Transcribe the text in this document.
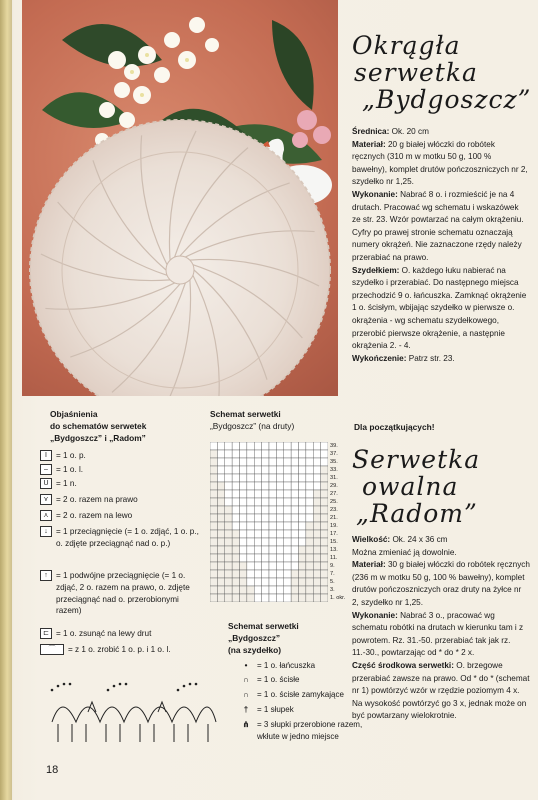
Okrągła
serwetka
„Bydgoszcz”

Średnica: Ok. 20 cm

Materiał: 20 g białej włóczki do robótek ręcznych (310 m w motku 50 g, 100 % bawełny), komplet drutów pończoszniczych nr 2, szydełko nr 1,25.

Wykonanie: Nabrać 8 o. i rozmieścić je na 4 drutach. Pracować wg schematu i wskazówek ze str. 23. Wzór powtarzać na całym okrążeniu. Cyfry po prawej stronie schematu oznaczają numery okrążeń. Nie zaznaczone rzędy należy przerabiać na prawo.

Szydełkiem: O. każdego łuku nabierać na szydełko i przerabiać. Do następnego miejsca przechodzić 9 o. łańcuszka. Zamknąć okrążenie 1 o. ścisłym, wbijając szydełko w pierwsze o. okrążenia - wg schematu szydełkowego, przerobić pierwsze okrążenie, a następnie okrążenia 2. - 4.

Wykończenie: Patrz str. 23.

Objaśnienia
do schematów serwetek
„Bydgoszcz” i „Radom”
I	= 1 o. p.
– = 1 o. l.
U = 1 n.
⋎ = 2 o. razem na prawo
⋏ = 2 o. razem na lewo
↓	= 1 przeciągnięcie (= 1 o. zdjąć, 1 o. p., o. zdjęte przeciągnąć nad o. p.)
↑	= 1 podwójne przeciągnięcie (= 1 o. zdjąć, 2 o. razem na prawo, o. zdjęte przeciągnąć nad o. przerobionymi razem)
⊏ = 1 o. zsunąć na lewy drut
⌒	= z 1 o. zrobić 1 o. p. i 1 o. l.
Schemat serwetki
„Bydgoszcz” (na druty)
39.
37.
35.
33.
31.
29.
27.
25.
23.
21.
19.
17.
15.
13.
11.
9.
7.
5.
3.
1. okr.
Schemat serwetki
„Bydgoszcz”
(na szydełko)
•	= 1 o. łańcuszka
∩	= 1 o. ścisłe
∩	= 1 o. ścisłe zamykające
†	= 1 słupek
⋔ = 3 słupki przerobione razem, wkłute w jedno miejsce
Dla początkujących!
Serwetka
owalna
„Radom”

Wielkość: Ok. 24 x 36 cm

Można zmieniać ją dowolnie.

Materiał: 30 g białej włóczki do robótek ręcznych (236 m w motku 50 g, 100 % bawełny), komplet drutów pończoszniczych oraz druty na żyłce nr 2, szydełko nr 1,25.

Wykonanie: Nabrać 3 o., pracować wg schematu robótki na drutach w kierunku tam i z powrotem. Rz. 31.-50. przerabiać tak jak rz. 11.-30., powtarzając od * do * 2 x.

Część środkowa serwetki: O. brzegowe przerabiać zawsze na prawo. Od * do * (schemat nr 1) powtórzyć wzór w rzędzie poziomym 4 x. Na wysokość powtórzyć go 3 x, jednak może on być powtarzany wielokrotnie.

18
